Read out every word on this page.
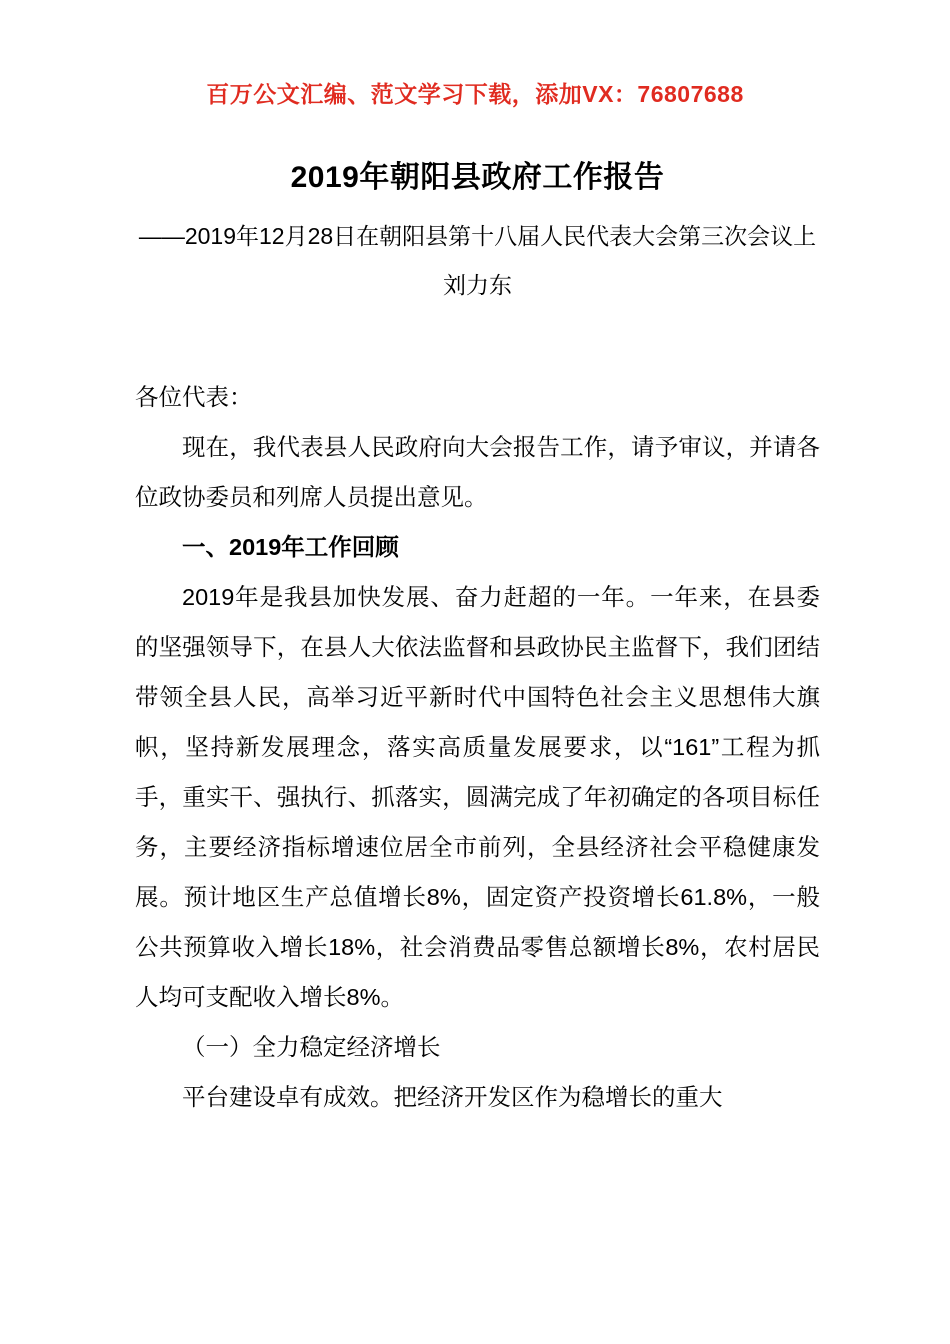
百万公文汇编、范文学习下载，添加VX：76807688
2019年朝阳县政府工作报告

——2019年12月28日在朝阳县第十八届人民代表大会第三次会议上

刘力东

各位代表：

现在，我代表县人民政府向大会报告工作，请予审议，并请各位政协委员和列席人员提出意见。

一、2019年工作回顾

2019年是我县加快发展、奋力赶超的一年。一年来，在县委的坚强领导下，在县人大依法监督和县政协民主监督下，我们团结带领全县人民，高举习近平新时代中国特色社会主义思想伟大旗帜，坚持新发展理念，落实高质量发展要求，以“161”工程为抓手，重实干、强执行、抓落实，圆满完成了年初确定的各项目标任务，主要经济指标增速位居全市前列，全县经济社会平稳健康发展。预计地区生产总值增长8%，固定资产投资增长61.8%，一般公共预算收入增长18%，社会消费品零售总额增长8%，农村居民人均可支配收入增长8%。

（一）全力稳定经济增长

平台建设卓有成效。把经济开发区作为稳增长的重大
